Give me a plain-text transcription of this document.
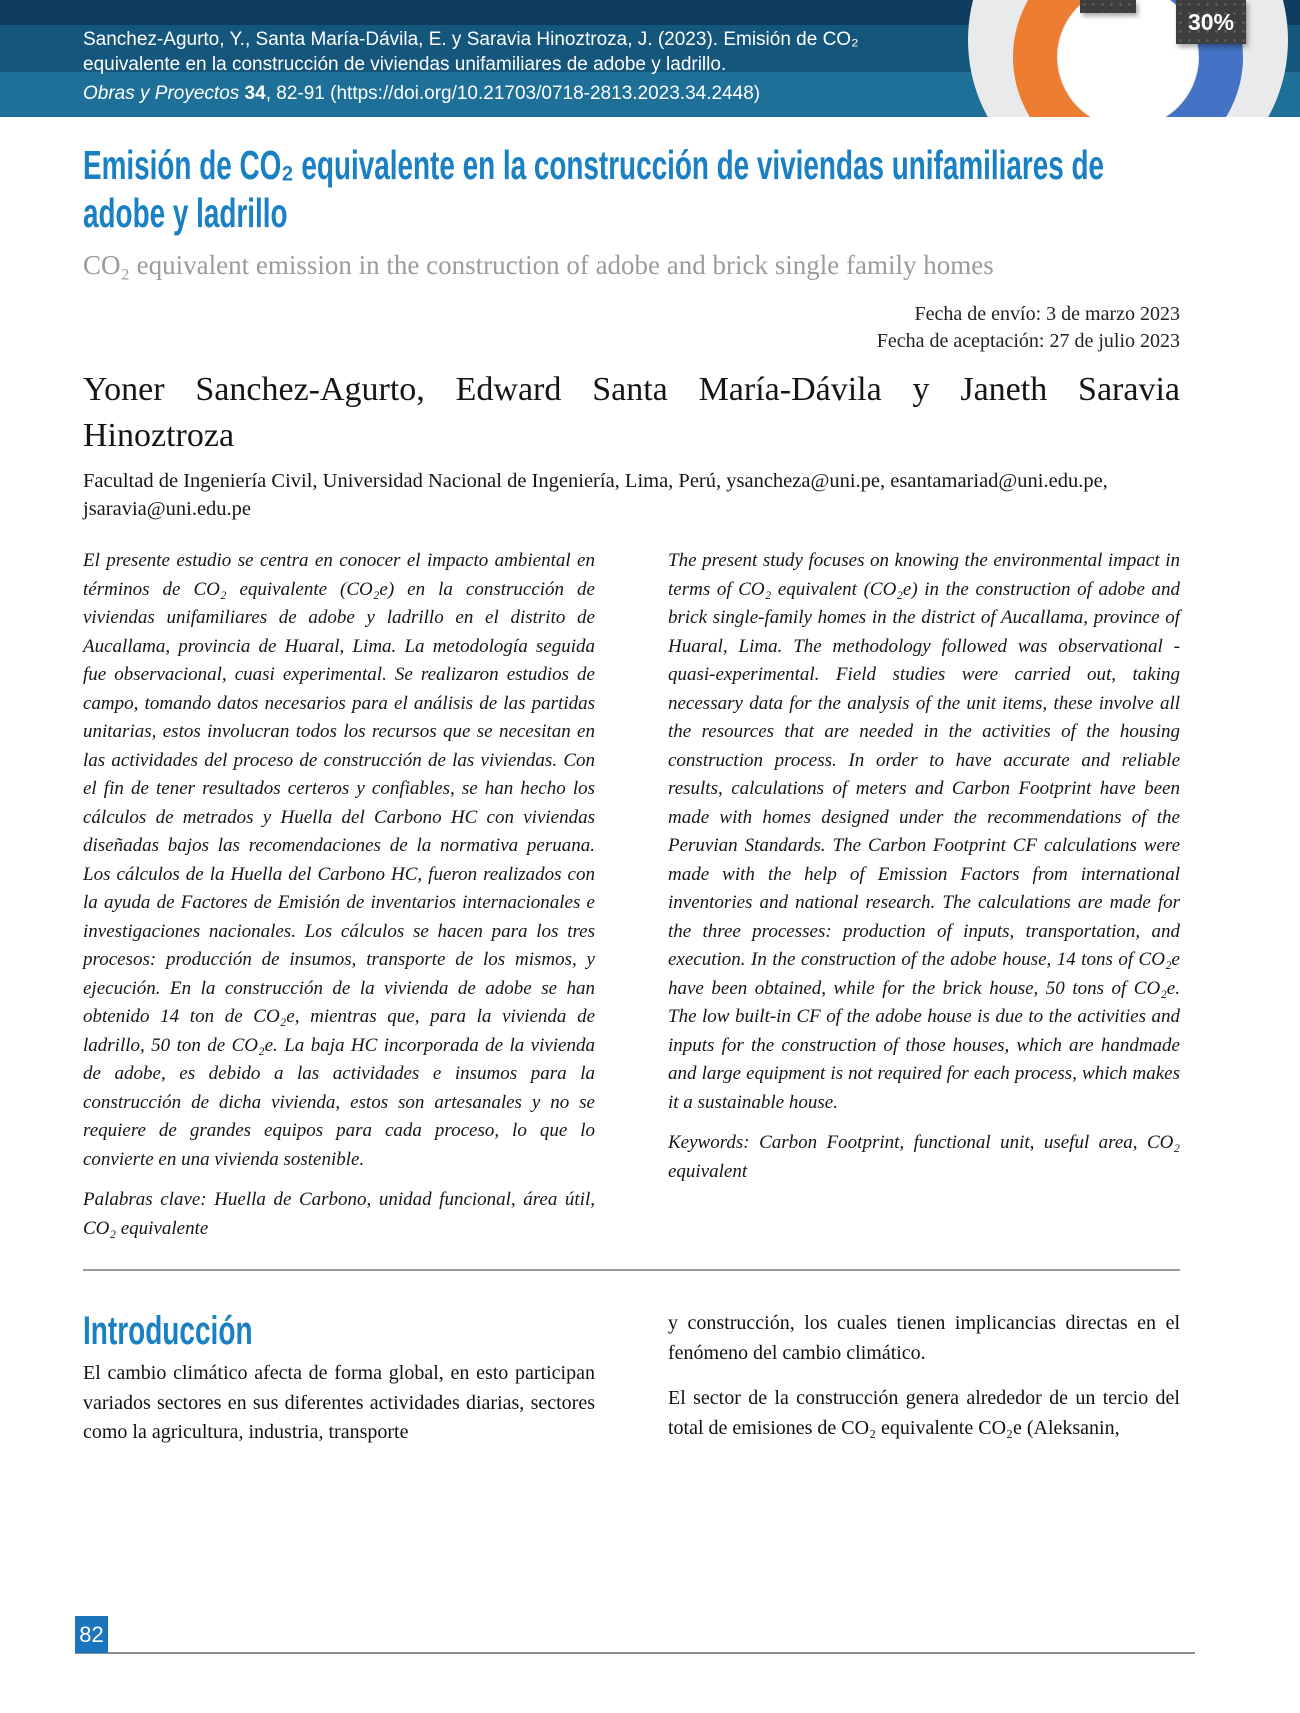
30%
Sanchez-Agurto, Y., Santa María-Dávila, E. y Saravia Hinoztroza, J. (2023). Emisión de CO₂
equivalente en la construcción de viviendas unifamiliares de adobe y ladrillo.
Obras y Proyectos 34, 82-91 (https://doi.org/10.21703/0718-2813.2023.34.2448)
Emisión de CO₂ equivalente en la construcción de viviendas unifamiliares de
adobe y ladrillo
CO₂ equivalent emission in the construction of adobe and brick single family homes
Fecha de envío: 3 de marzo 2023
Fecha de aceptación: 27 de julio 2023
Yoner Sanchez-Agurto, Edward Santa María-Dávila y Janeth Saravia
Hinoztroza
Facultad de Ingeniería Civil, Universidad Nacional de Ingeniería, Lima, Perú, ysancheza@uni.pe, esantamariad@uni.edu.pe, jsaravia@uni.edu.pe

El presente estudio se centra en conocer el impacto ambiental en términos de CO₂ equivalente (CO₂e) en la construcción de viviendas unifamiliares de adobe y ladrillo en el distrito de Aucallama, provincia de Huaral, Lima. La metodología seguida fue observacional, cuasi experimental. Se realizaron estudios de campo, tomando datos necesarios para el análisis de las partidas unitarias, estos involucran todos los recursos que se necesitan en las actividades del proceso de construcción de las viviendas. Con el fin de tener resultados certeros y confiables, se han hecho los cálculos de metrados y Huella del Carbono HC con viviendas diseñadas bajos las recomendaciones de la normativa peruana. Los cálculos de la Huella del Carbono HC, fueron realizados con la ayuda de Factores de Emisión de inventarios internacionales e investigaciones nacionales. Los cálculos se hacen para los tres procesos: producción de insumos, transporte de los mismos, y ejecución. En la construcción de la vivienda de adobe se han obtenido 14 ton de CO₂e, mientras que, para la vivienda de ladrillo, 50 ton de CO₂e. La baja HC incorporada de la vivienda de adobe, es debido a las actividades e insumos para la construcción de dicha vivienda, estos son artesanales y no se requiere de grandes equipos para cada proceso, lo que lo convierte en una vivienda sostenible.

Palabras clave: Huella de Carbono, unidad funcional, área útil, CO₂ equivalente

The present study focuses on knowing the environmental impact in terms of CO₂ equivalent (CO₂e) in the construction of adobe and brick single-family homes in the district of Aucallama, province of Huaral, Lima. The methodology followed was observational - quasi-experimental. Field studies were carried out, taking necessary data for the analysis of the unit items, these involve all the resources that are needed in the activities of the housing construction process. In order to have accurate and reliable results, calculations of meters and Carbon Footprint have been made with homes designed under the recommendations of the Peruvian Standards. The Carbon Footprint CF calculations were made with the help of Emission Factors from international inventories and national research. The calculations are made for the three processes: production of inputs, transportation, and execution. In the construction of the adobe house, 14 tons of CO₂e have been obtained, while for the brick house, 50 tons of CO₂e. The low built-in CF of the adobe house is due to the activities and inputs for the construction of those houses, which are handmade and large equipment is not required for each process, which makes it a sustainable house.

Keywords: Carbon Footprint, functional unit, useful area, CO₂ equivalent

Introducción

El cambio climático afecta de forma global, en esto participan variados sectores en sus diferentes actividades diarias, sectores como la agricultura, industria, transporte

y construcción, los cuales tienen implicancias directas en el fenómeno del cambio climático.

El sector de la construcción genera alrededor de un tercio del total de emisiones de CO₂ equivalente CO₂e (Aleksanin,

82
